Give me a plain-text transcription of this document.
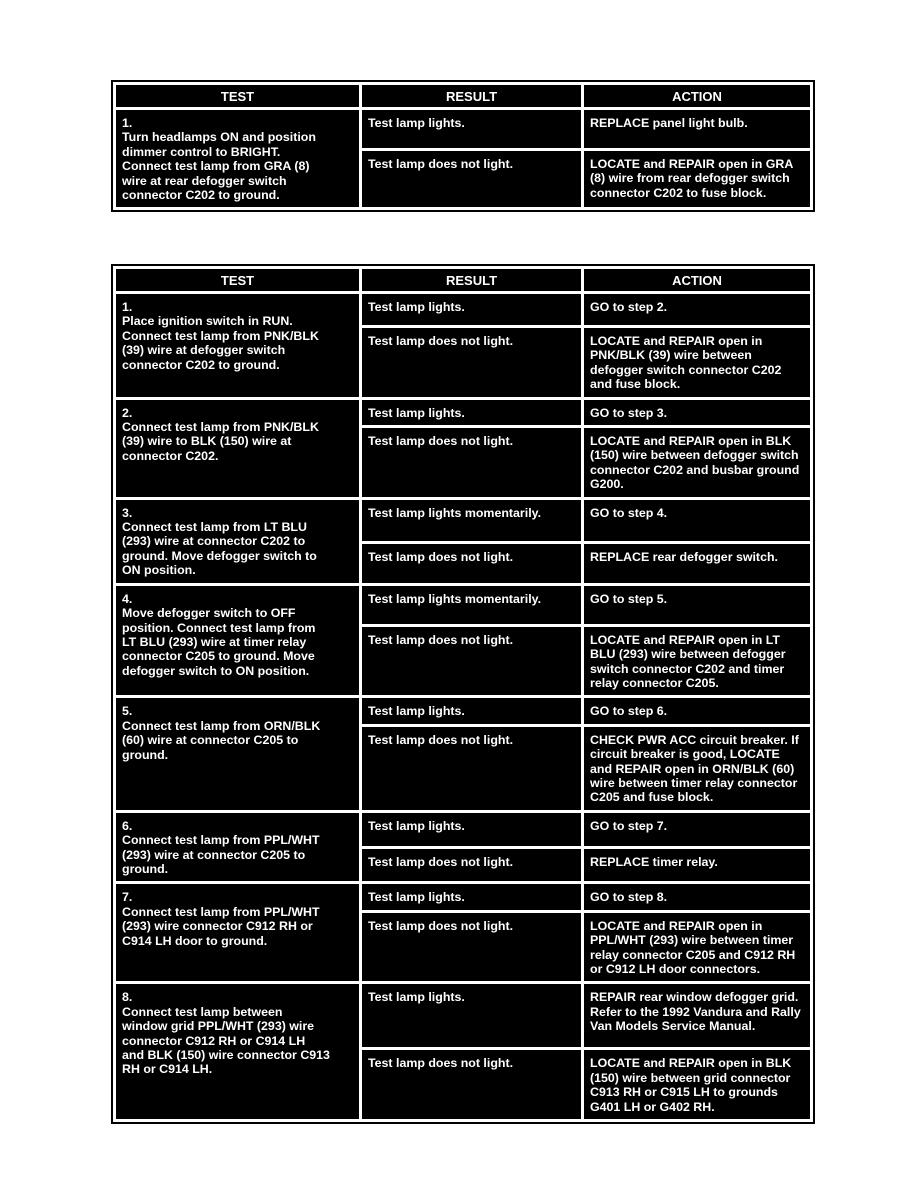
TEST	RESULT	ACTION
1.Turn headlamps ON and position dimmer control to BRIGHT. Connect test lamp from GRA (8) wire at rear defogger switch connector C202 to ground.	Test lamp lights.	REPLACE panel light bulb.
	Test lamp does not light.	LOCATE and REPAIR open in GRA (8) wire from rear defogger switch connector C202 to fuse block.
TEST	RESULT	ACTION
1.Place ignition switch in RUN. Connect test lamp from PNK/BLK (39) wire at defogger switch connector C202 to ground.	Test lamp lights.	GO to step 2.
	Test lamp does not light.	LOCATE and REPAIR open in PNK/BLK (39) wire between defogger switch connector C202 and fuse block.
2.Connect test lamp from PNK/BLK (39) wire to BLK (150) wire at connector C202.	Test lamp lights.	GO to step 3.
	Test lamp does not light.	LOCATE and REPAIR open in BLK (150) wire between defogger switch connector C202 and busbar ground G200.
3.Connect test lamp from LT BLU (293) wire at connector C202 to ground. Move defogger switch to ON position.	Test lamp lights momentarily.	GO to step 4.
	Test lamp does not light.	REPLACE rear defogger switch.
4.Move defogger switch to OFF position. Connect test lamp from LT BLU (293) wire at timer relay connector C205 to ground. Move defogger switch to ON position.	Test lamp lights momentarily.	GO to step 5.
	Test lamp does not light.	LOCATE and REPAIR open in LT BLU (293) wire between defogger switch connector C202 and timer relay connector C205.
5.Connect test lamp from ORN/BLK (60) wire at connector C205 to ground.	Test lamp lights.	GO to step 6.
	Test lamp does not light.	CHECK PWR ACC circuit breaker. If circuit breaker is good, LOCATE and REPAIR open in ORN/BLK (60) wire between timer relay connector C205 and fuse block.
6.Connect test lamp from PPL/WHT (293) wire at connector C205 to ground.	Test lamp lights.	GO to step 7.
	Test lamp does not light.	REPLACE timer relay.
7.Connect test lamp from PPL/WHT (293) wire connector C912 RH or C914 LH door to ground.	Test lamp lights.	GO to step 8.
	Test lamp does not light.	LOCATE and REPAIR open in PPL/WHT (293) wire between timer relay connector C205 and C912 RH or C912 LH door connectors.
8.Connect test lamp between window grid PPL/WHT (293) wire connector C912 RH or C914 LH and BLK (150) wire connector C913 RH or C914 LH.	Test lamp lights.	REPAIR rear window defogger grid. Refer to the 1992 Vandura and Rally Van Models Service Manual.
	Test lamp does not light.	LOCATE and REPAIR open in BLK (150) wire between grid connector C913 RH or C915 LH to grounds G401 LH or G402 RH.
